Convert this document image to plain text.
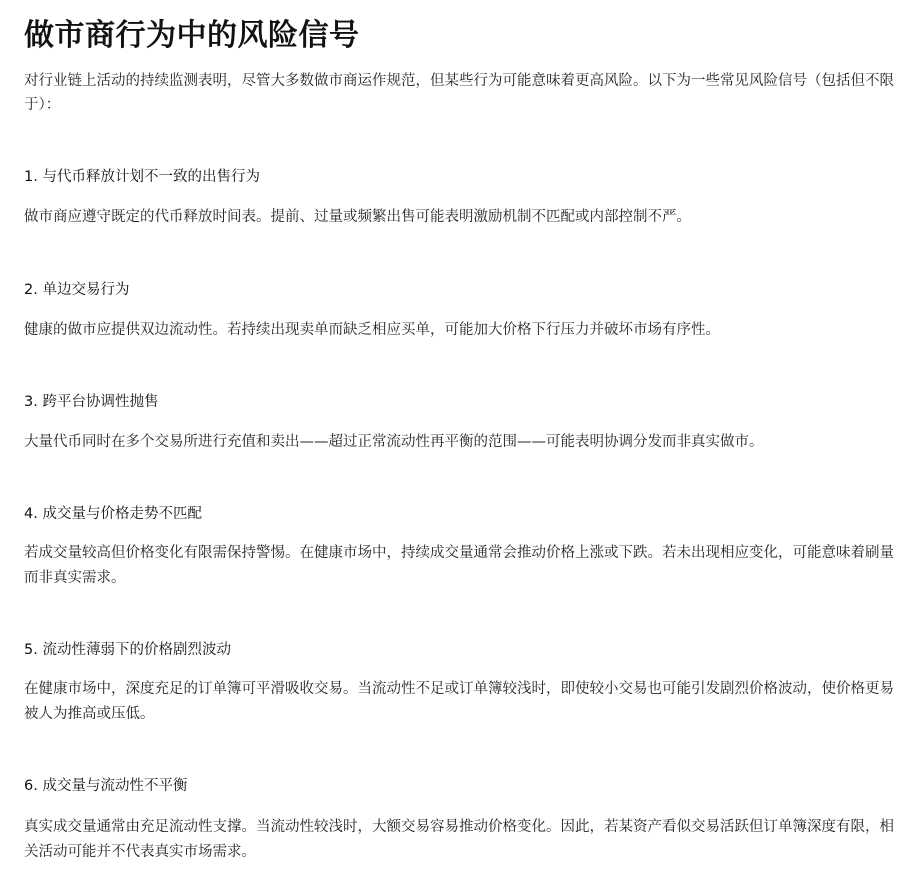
做市商行为中的风险信号

对行业链上活动的持续监测表明，尽管大多数做市商运作规范，但某些行为可能意味着更高风险。以下为一些常见风险信号（包括但不限于）：

1. 与代币释放计划不一致的出售行为

做市商应遵守既定的代币释放时间表。提前、过量或频繁出售可能表明激励机制不匹配或内部控制不严。

2. 单边交易行为

健康的做市应提供双边流动性。若持续出现卖单而缺乏相应买单，可能加大价格下行压力并破坏市场有序性。

3. 跨平台协调性抛售

大量代币同时在多个交易所进行充值和卖出——超过正常流动性再平衡的范围——可能表明协调分发而非真实做市。

4. 成交量与价格走势不匹配

若成交量较高但价格变化有限需保持警惕。在健康市场中，持续成交量通常会推动价格上涨或下跌。若未出现相应变化，可能意味着刷量而非真实需求。

5. 流动性薄弱下的价格剧烈波动

在健康市场中，深度充足的订单簿可平滑吸收交易。当流动性不足或订单簿较浅时，即使较小交易也可能引发剧烈价格波动，使价格更易被人为推高或压低。

6. 成交量与流动性不平衡

真实成交量通常由充足流动性支撑。当流动性较浅时，大额交易容易推动价格变化。因此，若某资产看似交易活跃但订单簿深度有限，相关活动可能并不代表真实市场需求。
